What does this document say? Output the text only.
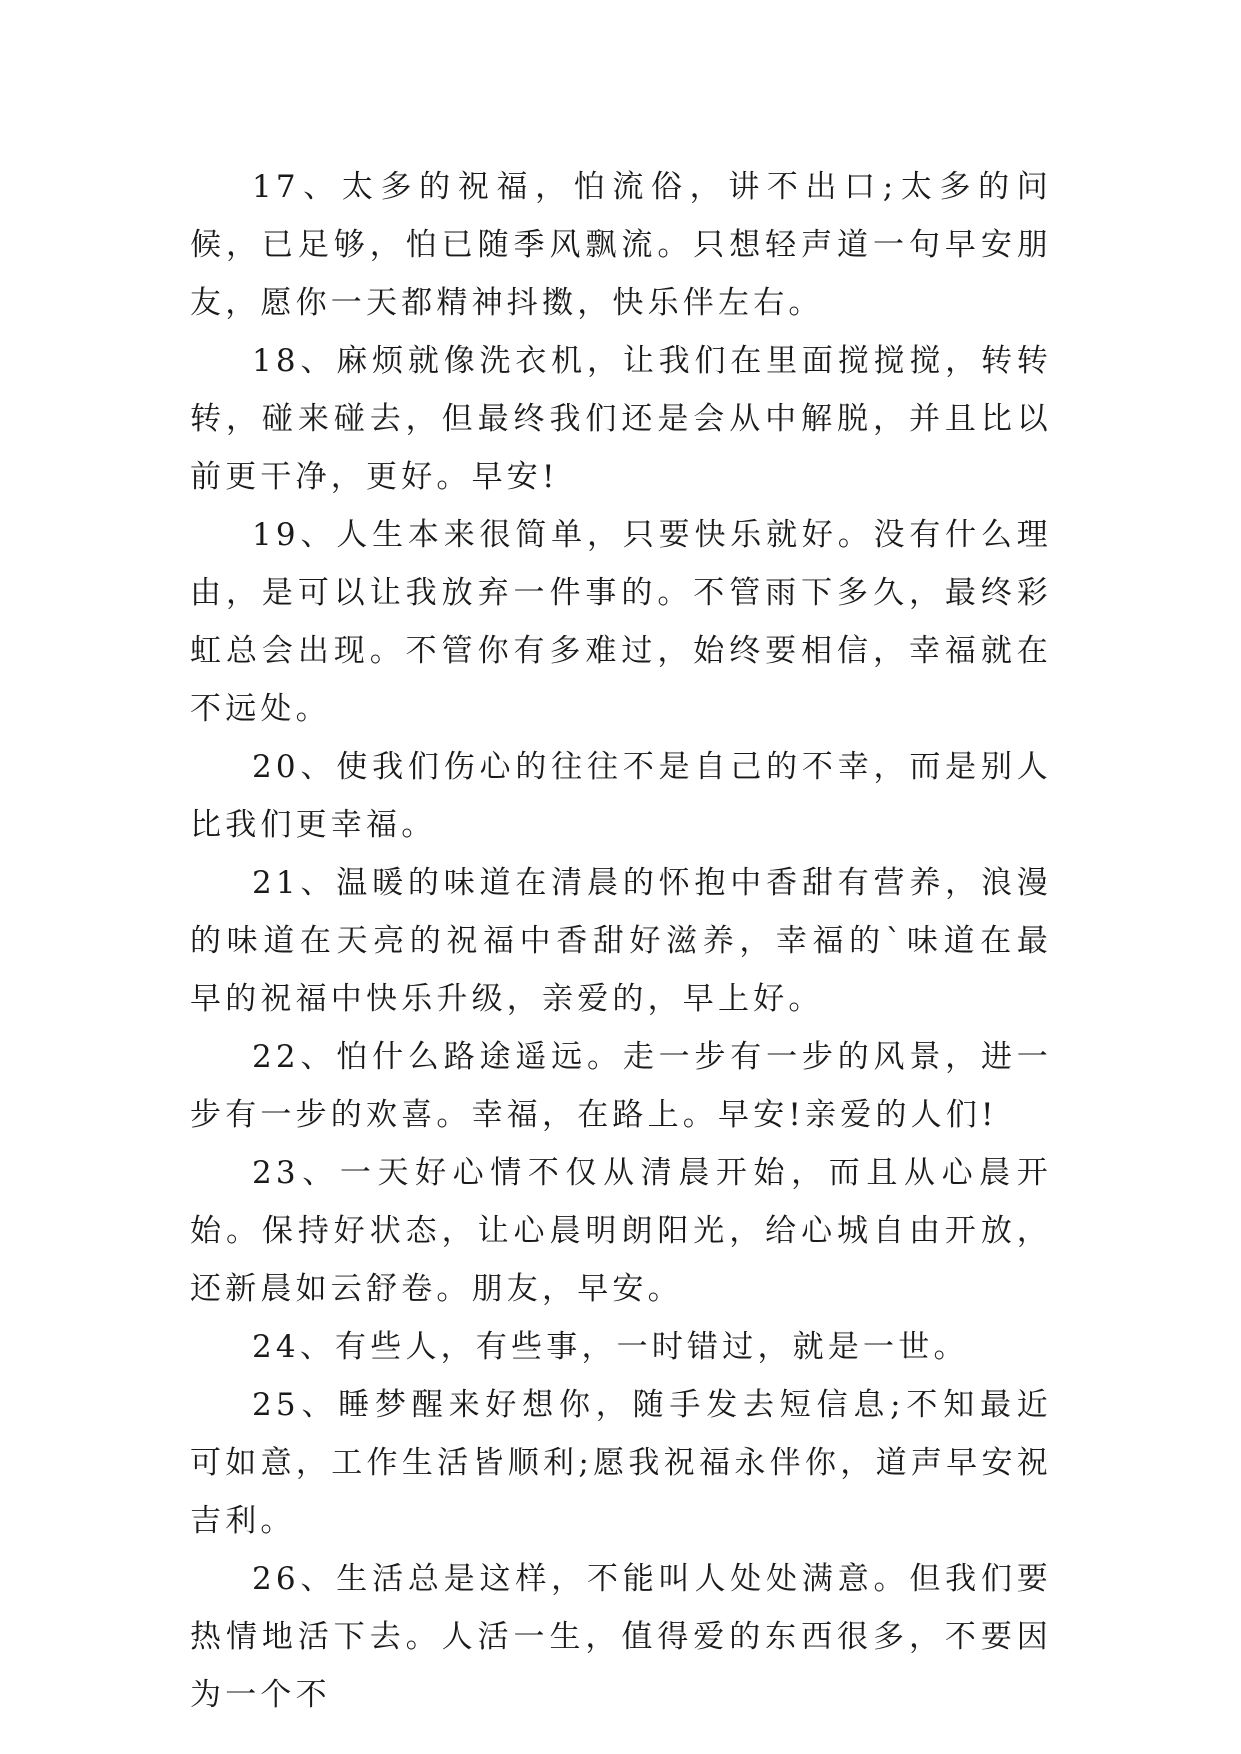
17、太多的祝福，怕流俗，讲不出口;太多的问候，已足够，怕已随季风飘流。只想轻声道一句早安朋友，愿你一天都精神抖擞，快乐伴左右。

18、麻烦就像洗衣机，让我们在里面搅搅搅，转转转，碰来碰去，但最终我们还是会从中解脱，并且比以前更干净，更好。早安!

19、人生本来很简单，只要快乐就好。没有什么理由，是可以让我放弃一件事的。不管雨下多久，最终彩虹总会出现。不管你有多难过，始终要相信，幸福就在不远处。

20、使我们伤心的往往不是自己的不幸，而是别人比我们更幸福。

21、温暖的味道在清晨的怀抱中香甜有营养，浪漫的味道在天亮的祝福中香甜好滋养，幸福的`味道在最早的祝福中快乐升级，亲爱的，早上好。

22、怕什么路途遥远。走一步有一步的风景，进一步有一步的欢喜。幸福，在路上。早安!亲爱的人们!

23、一天好心情不仅从清晨开始，而且从心晨开始。保持好状态，让心晨明朗阳光，给心城自由开放，还新晨如云舒卷。朋友，早安。

24、有些人，有些事，一时错过，就是一世。

25、睡梦醒来好想你，随手发去短信息;不知最近可如意，工作生活皆顺利;愿我祝福永伴你，道声早安祝吉利。

26、生活总是这样，不能叫人处处满意。但我们要热情地活下去。人活一生，值得爱的东西很多，不要因为一个不
